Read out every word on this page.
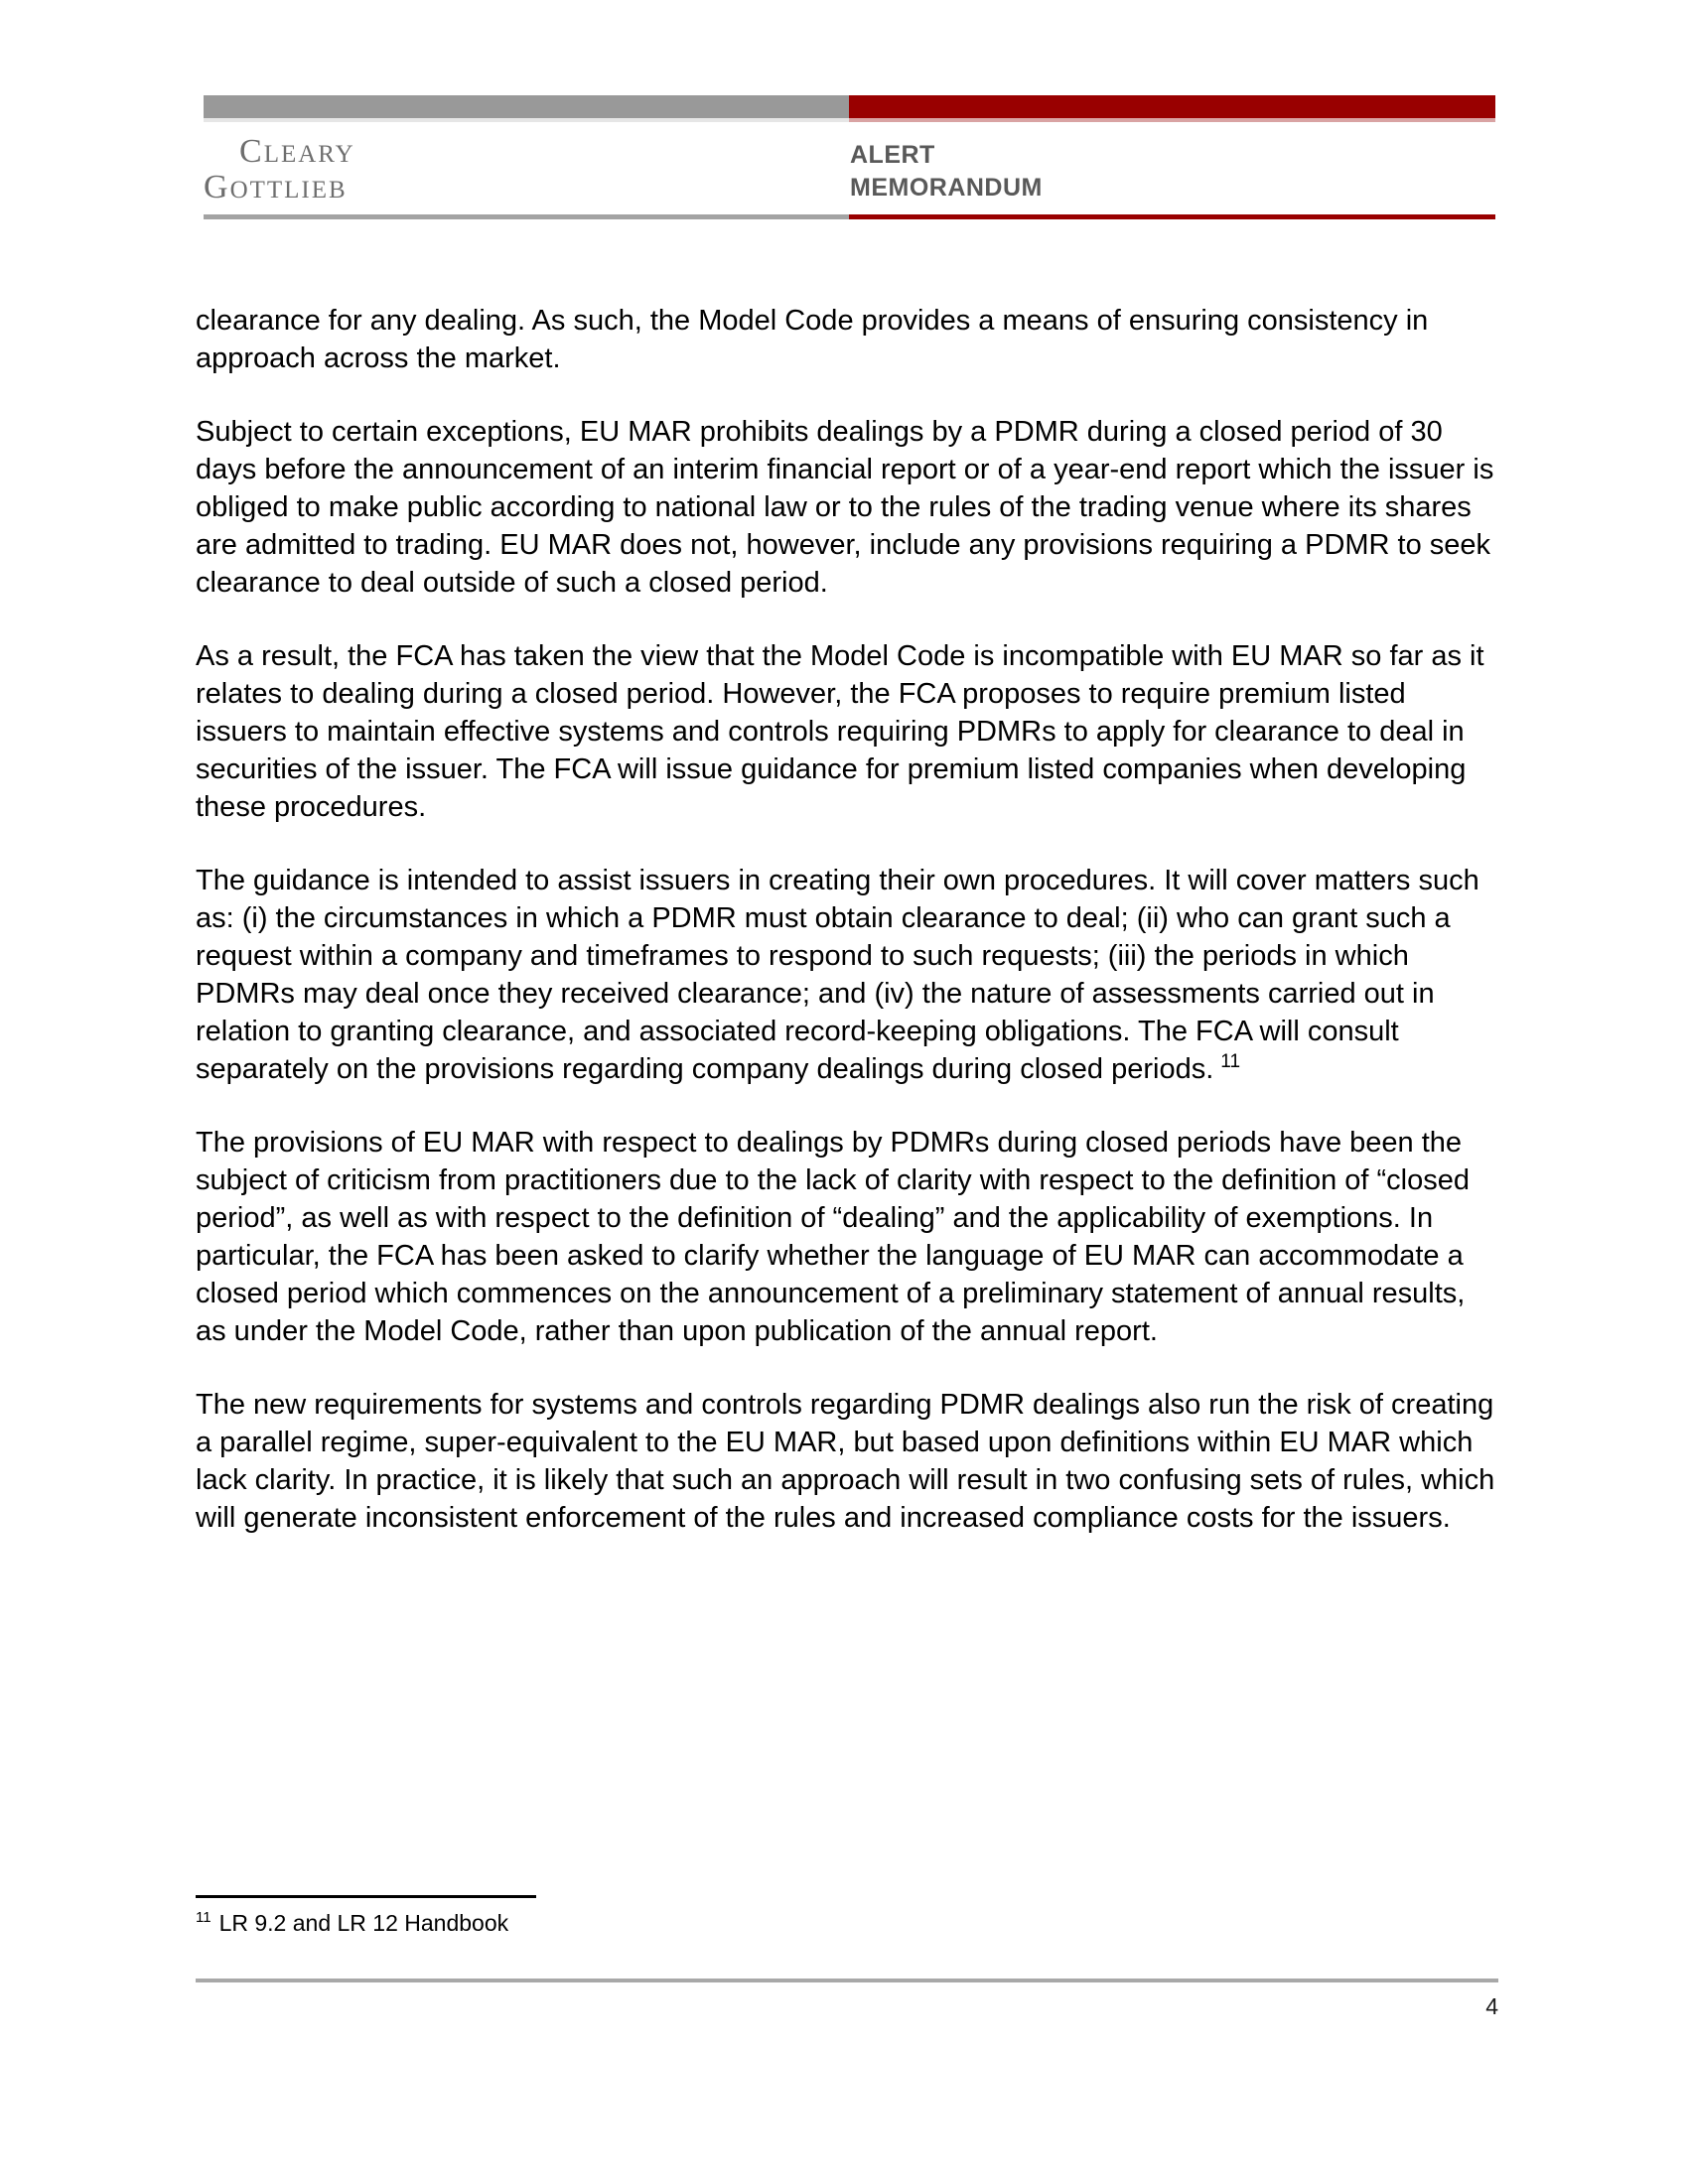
CLEARY
GOTTLIEB
ALERT
MEMORANDUM

clearance for any dealing. As such, the Model Code provides a means of ensuring consistency in approach across the market.

Subject to certain exceptions, EU MAR prohibits dealings by a PDMR during a closed period of 30 days before the announcement of an interim financial report or of a year-end report which the issuer is obliged to make public according to national law or to the rules of the trading venue where its shares are admitted to trading. EU MAR does not, however, include any provisions requiring a PDMR to seek clearance to deal outside of such a closed period.

As a result, the FCA has taken the view that the Model Code is incompatible with EU MAR so far as it relates to dealing during a closed period. However, the FCA proposes to require premium listed issuers to maintain effective systems and controls requiring PDMRs to apply for clearance to deal in securities of the issuer. The FCA will issue guidance for premium listed companies when developing these procedures.

The guidance is intended to assist issuers in creating their own procedures. It will cover matters such as: (i) the circumstances in which a PDMR must obtain clearance to deal; (ii) who can grant such a request within a company and timeframes to respond to such requests; (iii) the periods in which PDMRs may deal once they received clearance; and (iv) the nature of assessments carried out in relation to granting clearance, and associated record-keeping obligations. The FCA will consult separately on the provisions regarding company dealings during closed periods. $^{11}$

The provisions of EU MAR with respect to dealings by PDMRs during closed periods have been the subject of criticism from practitioners due to the lack of clarity with respect to the definition of “closed period”, as well as with respect to the definition of “dealing” and the applicability of exemptions. In particular, the FCA has been asked to clarify whether the language of EU MAR can accommodate a closed period which commences on the announcement of a preliminary statement of annual results, as under the Model Code, rather than upon publication of the annual report.

The new requirements for systems and controls regarding PDMR dealings also run the risk of creating a parallel regime, super-equivalent to the EU MAR, but based upon definitions within EU MAR which lack clarity. In practice, it is likely that such an approach will result in two confusing sets of rules, which will generate inconsistent enforcement of the rules and increased compliance costs for the issuers.

$^{11}$ LR 9.2 and LR 12 Handbook
4
